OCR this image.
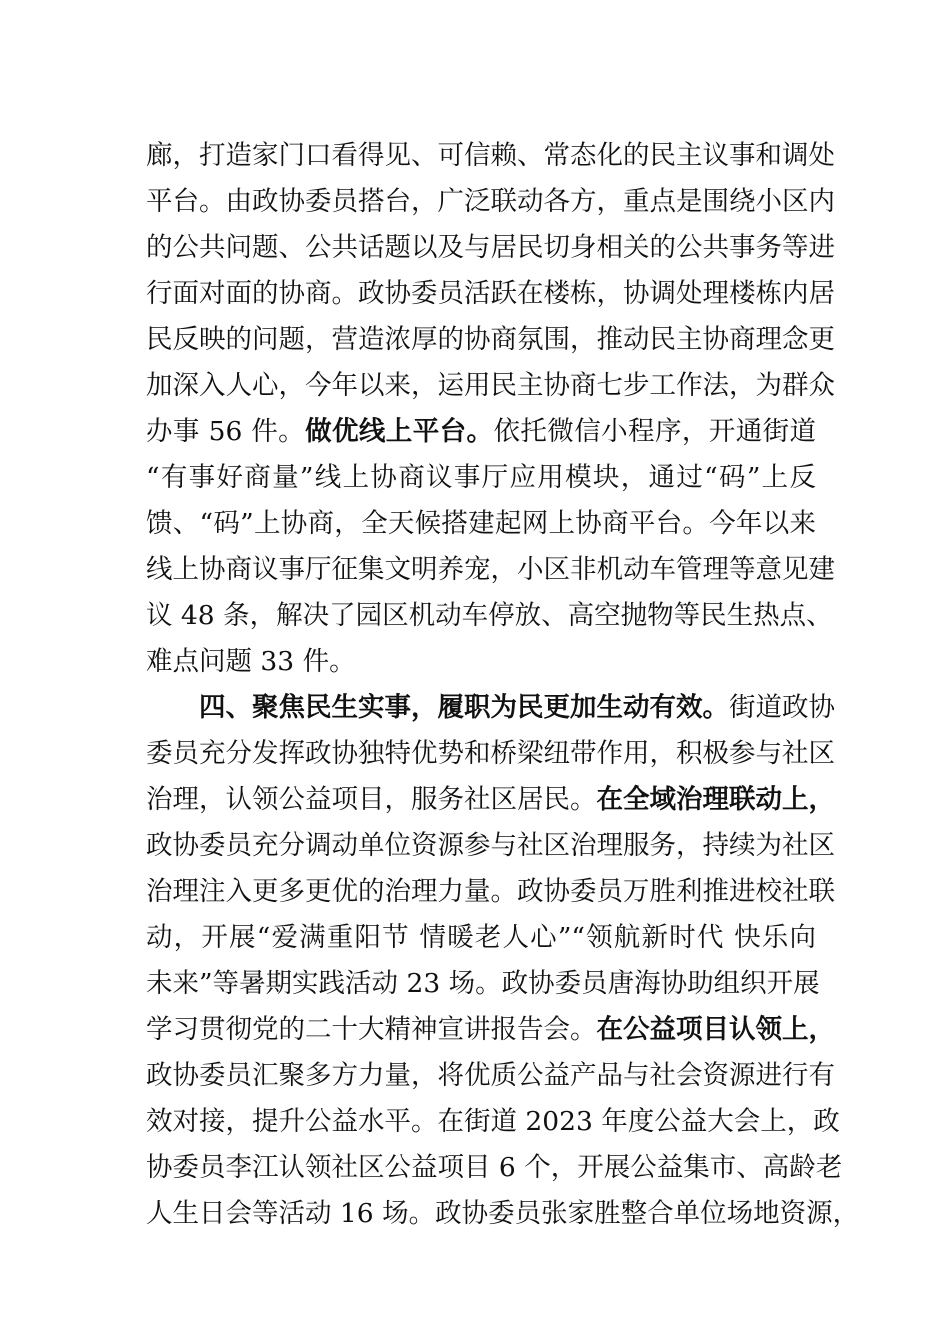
廊，打造家门口看得见、可信赖、常态化的民主议事和调处
平台。由政协委员搭台，广泛联动各方，重点是围绕小区内
的公共问题、公共话题以及与居民切身相关的公共事务等进
行面对面的协商。政协委员活跃在楼栋，协调处理楼栋内居
民反映的问题，营造浓厚的协商氛围，推动民主协商理念更
加深入人心，今年以来，运用民主协商七步工作法，为群众
办事 56 件。做优线上平台。依托微信小程序，开通街道
“有事好商量”线上协商议事厅应用模块，通过“码”上反
馈、“码”上协商，全天候搭建起网上协商平台。今年以来
线上协商议事厅征集文明养宠，小区非机动车管理等意见建
议 48 条，解决了园区机动车停放、高空抛物等民生热点、
难点问题 33 件。
四、聚焦民生实事，履职为民更加生动有效。街道政协
委员充分发挥政协独特优势和桥梁纽带作用，积极参与社区
治理，认领公益项目，服务社区居民。在全域治理联动上，
政协委员充分调动单位资源参与社区治理服务，持续为社区
治理注入更多更优的治理力量。政协委员万胜利推进校社联
动，开展“爱满重阳节 情暖老人心”“领航新时代 快乐向
未来”等暑期实践活动 23 场。政协委员唐海协助组织开展
学习贯彻党的二十大精神宣讲报告会。在公益项目认领上，
政协委员汇聚多方力量，将优质公益产品与社会资源进行有
效对接，提升公益水平。在街道 2023 年度公益大会上，政
协委员李江认领社区公益项目 6 个，开展公益集市、高龄老
人生日会等活动 16 场。政协委员张家胜整合单位场地资源，
